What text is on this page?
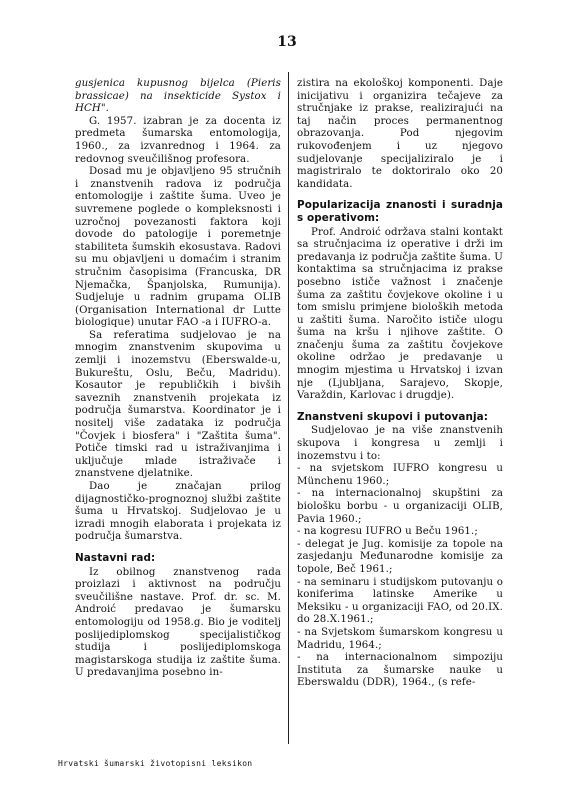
13

gusjenica kupusnog bijelca (Pieris brassicae) na insekticide Systox i HCH".

G. 1957. izabran je za docenta iz predmeta šumarska entomologija, 1960., za izvanrednog i 1964. za redovnog sveučilišnog profesora.

Dosad mu je objavljeno 95 stručnih i znanstvenih radova iz područja entomologije i zaštite šuma. Uveo je suvremene poglede o kompleksnosti i uzročnoj povezanosti faktora koji dovode do patologije i poremetnje stabiliteta šumskih ekosustava. Radovi su mu objavljeni u domaćim i stranim stručnim časopisima (Francuska, DR Njemačka, Španjolska, Rumunija). Sudjeluje u radnim grupama OLIB (Organisation International dr Lutte biologique) unutar FAO -a i IUFRO-a.

Sa referatima sudjelovao je na mnogim znanstvenim skupovima u zemlji i inozemstvu (Eberswalde-u, Bukureštu, Oslu, Beču, Madridu). Kosautor je republičkih i bivših saveznih znanstvenih projekata iz područja šumarstva. Koordinator je i nositelj više zadataka iz područja "Čovjek i biosfera" i "Zaštita šuma". Potiče timski rad u istraživanjima i uključuje mlade istraživače i znanstvene djelatnike.

Dao je značajan prilog dijagnostičko-prognoznoj službi zaštite šuma u Hrvatskoj. Sudjelovao je u izradi mnogih elaborata i projekata iz područja šumarstva.

Nastavni rad:

Iz obilnog znanstvenog rada proizlazi i aktivnost na području sveučilišne nastave. Prof. dr. sc. M. Androić predavao je šumarsku entomologiju od 1958.g. Bio je voditelj poslijediplomskog specijalističkog studija i poslijediplomskoga magistarskoga studija iz zaštite šuma. U predavanjima posebno in-

zistira na ekološkoj komponenti. Daje inicijativu i organizira tečajeve za stručnjake iz prakse, realizirajući na taj način proces permanentnog obrazovanja. Pod njegovim rukovođenjem i uz njegovo sudjelovanje specijaliziralo je i magistriralo te doktoriralo oko 20 kandidata.

Popularizacija znanosti i suradnja s operativom:

Prof. Androić održava stalni kontakt sa stručnjacima iz operative i drži im predavanja iz područja zaštite šuma. U kontaktima sa stručnjacima iz prakse posebno ističe važnost i značenje šuma za zaštitu čovjekove okoline i u tom smislu primjene bioloških metoda u zaštiti šuma. Naročito ističe ulogu šuma na kršu i njihove zaštite. O značenju šuma za zaštitu čovjekove okoline održao je predavanje u mnogim mjestima u Hrvatskoj i izvan nje (Ljubljana, Sarajevo, Skopje, Varaždin, Karlovac i drugdje).

Znanstveni skupovi i putovanja:

Sudjelovao je na više znanstvenih skupova i kongresa u zemlji i inozemstvu i to:

- na svjetskom IUFRO kongresu u Münchenu 1960.;

- na internacionalnoj skupštini za biološku borbu - u organizaciji OLIB, Pavia 1960.;

- na kogresu IUFRO u Beču 1961.;

- delegat je Jug. komisije za topole na zasjedanju Međunarodne komisije za topole, Beč 1961.;

- na seminaru i studijskom putovanju o koniferima latinske Amerike u Meksiku - u organizaciji FAO, od 20.IX. do 28.X.1961.;

- na Svjetskom šumarskom kongresu u Madridu, 1964.;

- na internacionalnom simpoziju Instituta za šumarske nauke u Eberswaldu (DDR), 1964., (s refe-

Hrvatski šumarski životopisni leksikon
